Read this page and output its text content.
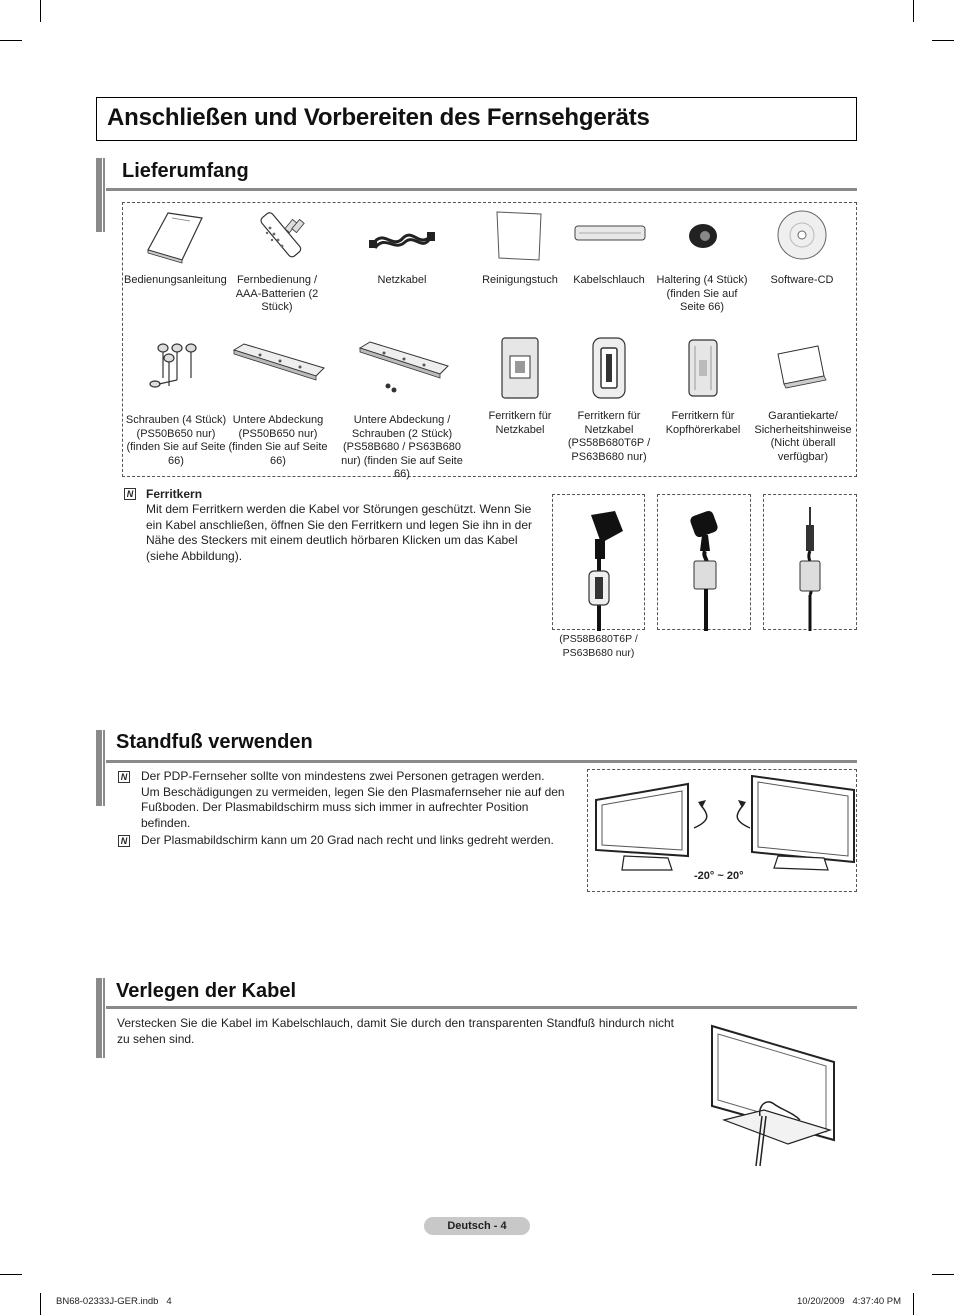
Anschließen und Vorbereiten des Fernsehgeräts
Lieferumfang
Bedienungsanleitung Fernbedienung / AAA-Batterien (2 Stück)
Netzkabel	Reinigungstuch	Kabelschlauch	Haltering (4 Stück) (finden Sie auf Seite 66)
Software-CD
Schrauben (4 Stück) (PS50B650 nur) (finden Sie auf Seite 66)
Untere Abdeckung (PS50B650 nur) (finden Sie auf Seite 66)
Untere Abdeckung / Schrauben (2 Stück) (PS58B680 / PS63B680 nur) (finden Sie auf Seite 66)
Ferritkern für Netzkabel
Ferritkern für Netzkabel (PS58B680T6P / PS63B680 nur)
Ferritkern für Kopfhörerkabel
Garantiekarte/ Sicherheitshinweise (Nicht überall verfügbar)
N Ferritkern
Mit dem Ferritkern werden die Kabel vor Störungen geschützt. Wenn Sie ein Kabel anschließen, öffnen Sie den Ferritkern und legen Sie ihn in der Nähe des Steckers mit einem deutlich hörbaren Klicken um das Kabel (siehe Abbildung).
(PS58B680T6P / PS63B680 nur)
Standfuß verwenden
N Der PDP-Fernseher sollte von mindestens zwei Personen getragen werden. Um Beschädigungen zu vermeiden, legen Sie den Plasmafernseher nie auf den Fußboden. Der Plasmabildschirm muss sich immer in aufrechter Position befinden.
N Der Plasmabildschirm kann um 20 Grad nach recht und links gedreht werden.
-20° ~ 20°
Verlegen der Kabel
Verstecken Sie die Kabel im Kabelschlauch, damit Sie durch den transparenten Standfuß hindurch nicht zu sehen sind.
Deutsch - 4
BN68-02333J-GER.indb   4	10/20/2009   4:37:40 PM
